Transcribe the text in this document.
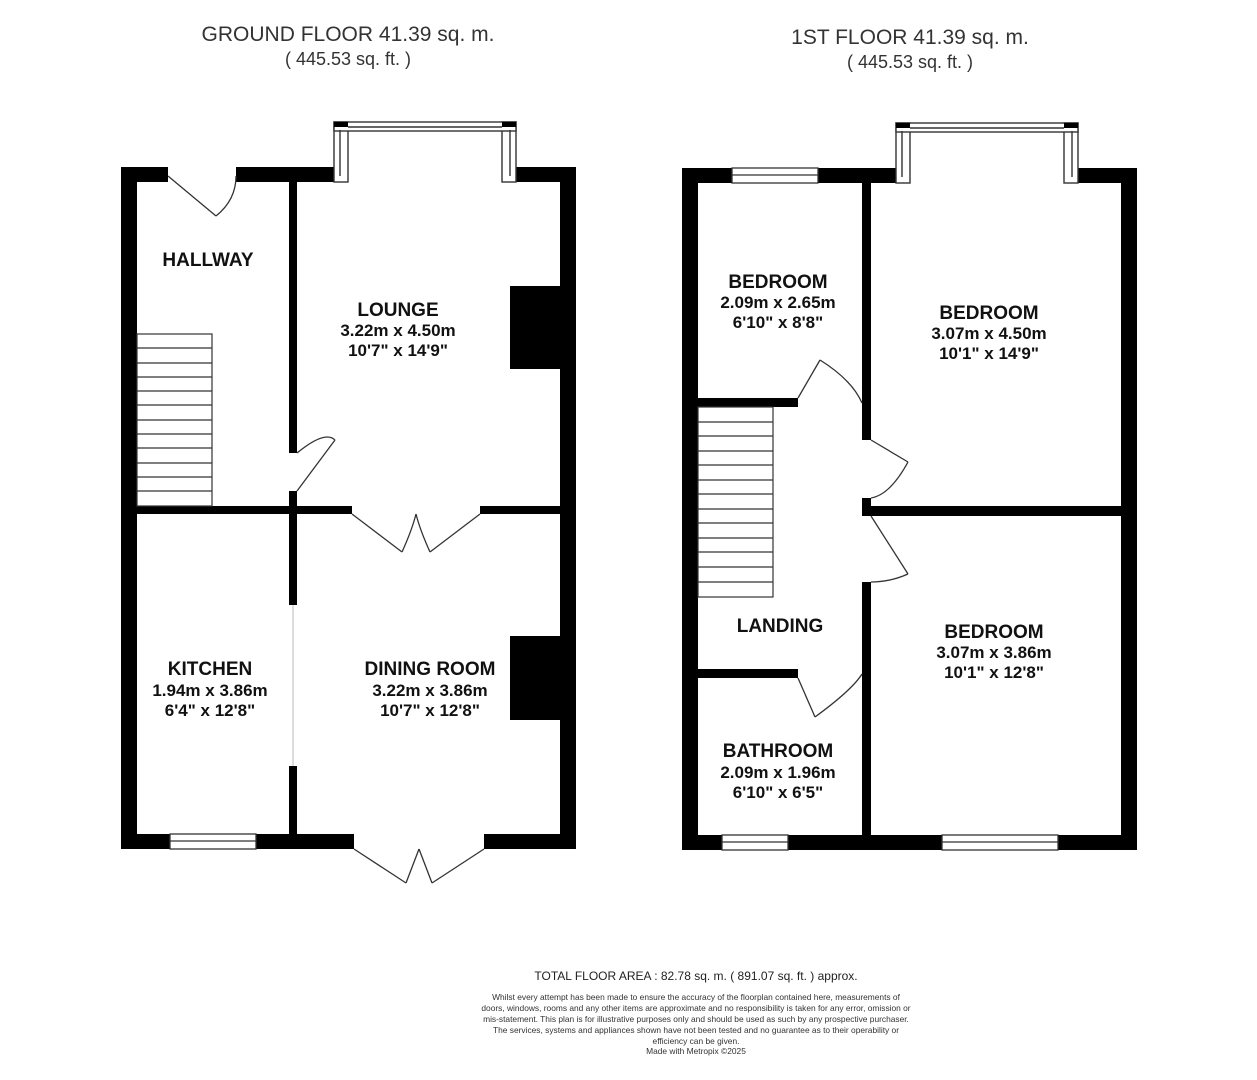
GROUND FLOOR 41.39 sq. m.
( 445.53 sq. ft. )
1ST FLOOR 41.39 sq. m.
( 445.53 sq. ft. )
HALLWAY
LOUNGE
3.22m x 4.50m
10'7" x 14'9"
KITCHEN
1.94m x 3.86m
6'4" x 12'8"
DINING ROOM
3.22m x 3.86m
10'7" x 12'8"
BEDROOM
2.09m x 2.65m
6'10" x 8'8"	BEDROOM
3.07m x 4.50m
10'1" x 14'9"
LANDING	BEDROOM
3.07m x 3.86m
10'1" x 12'8"
BATHROOM
2.09m x 1.96m
6'10" x 6'5"
TOTAL FLOOR AREA : 82.78 sq. m. ( 891.07 sq. ft. ) approx.
Whilst every attempt has been made to ensure the accuracy of the floorplan contained here, measurements of doors, windows, rooms and any other items are approximate and no responsibility is taken for any error, omission or mis-statement. This plan is for illustrative purposes only and should be used as such by any prospective purchaser. The services, systems and appliances shown have not been tested and no guarantee as to their operability or efficiency can be given.
Made with Metropix ©2025
